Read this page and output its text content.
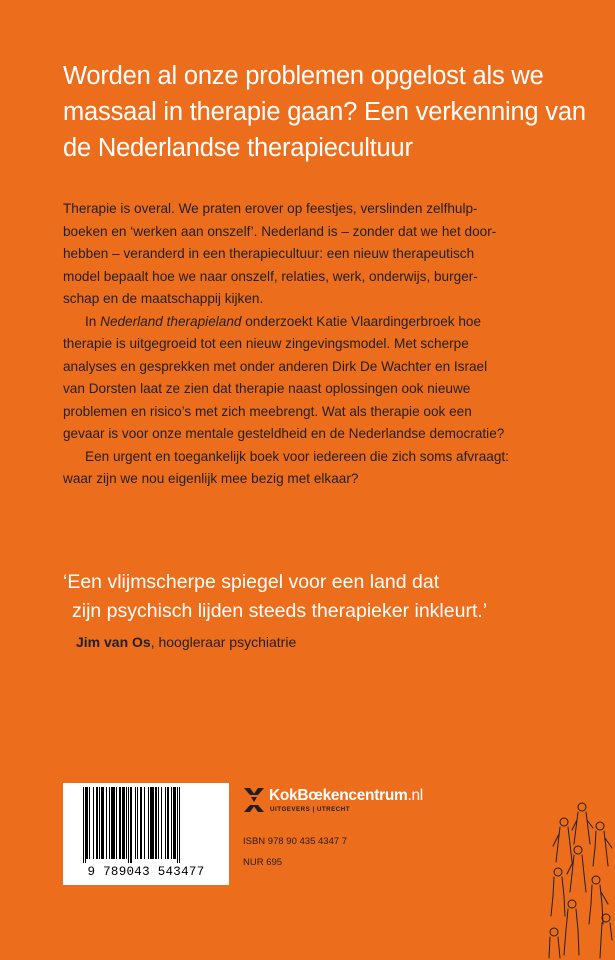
Worden al onze problemen opgelost als we
massaal in therapie gaan? Een verkenning van
de Nederlandse therapiecultuur

Therapie is overal. We praten erover op feestjes, verslinden zelfhulp-
boeken en ‘werken aan onszelf’. Nederland is – zonder dat we het door-
hebben – veranderd in een therapiecultuur: een nieuw therapeutisch
model bepaalt hoe we naar onszelf, relaties, werk, onderwijs, burger-
schap en de maatschappij kijken.

In Nederland therapieland onderzoekt Katie Vlaardingerbroek hoe
therapie is uitgegroeid tot een nieuw zingevingsmodel. Met scherpe
analyses en gesprekken met onder anderen Dirk De Wachter en Israel
van Dorsten laat ze zien dat therapie naast oplossingen ook nieuwe
problemen en risico’s met zich meebrengt. Wat als therapie ook een
gevaar is voor onze mentale gesteldheid en de Nederlandse democratie?

Een urgent en toegankelijk boek voor iedereen die zich soms afvraagt:
waar zijn we nou eigenlijk mee bezig met elkaar?

‘Een vlijmscherpe spiegel voor een land dat
zijn psychisch lijden steeds therapieker inkleurt.’
Jim van Os, hoogleraar psychiatrie
9 789043 543477
KokBœkencentrum.nl
UITGEVERS | UTRECHT
ISBN 978 90 435 4347 7
NUR 695
